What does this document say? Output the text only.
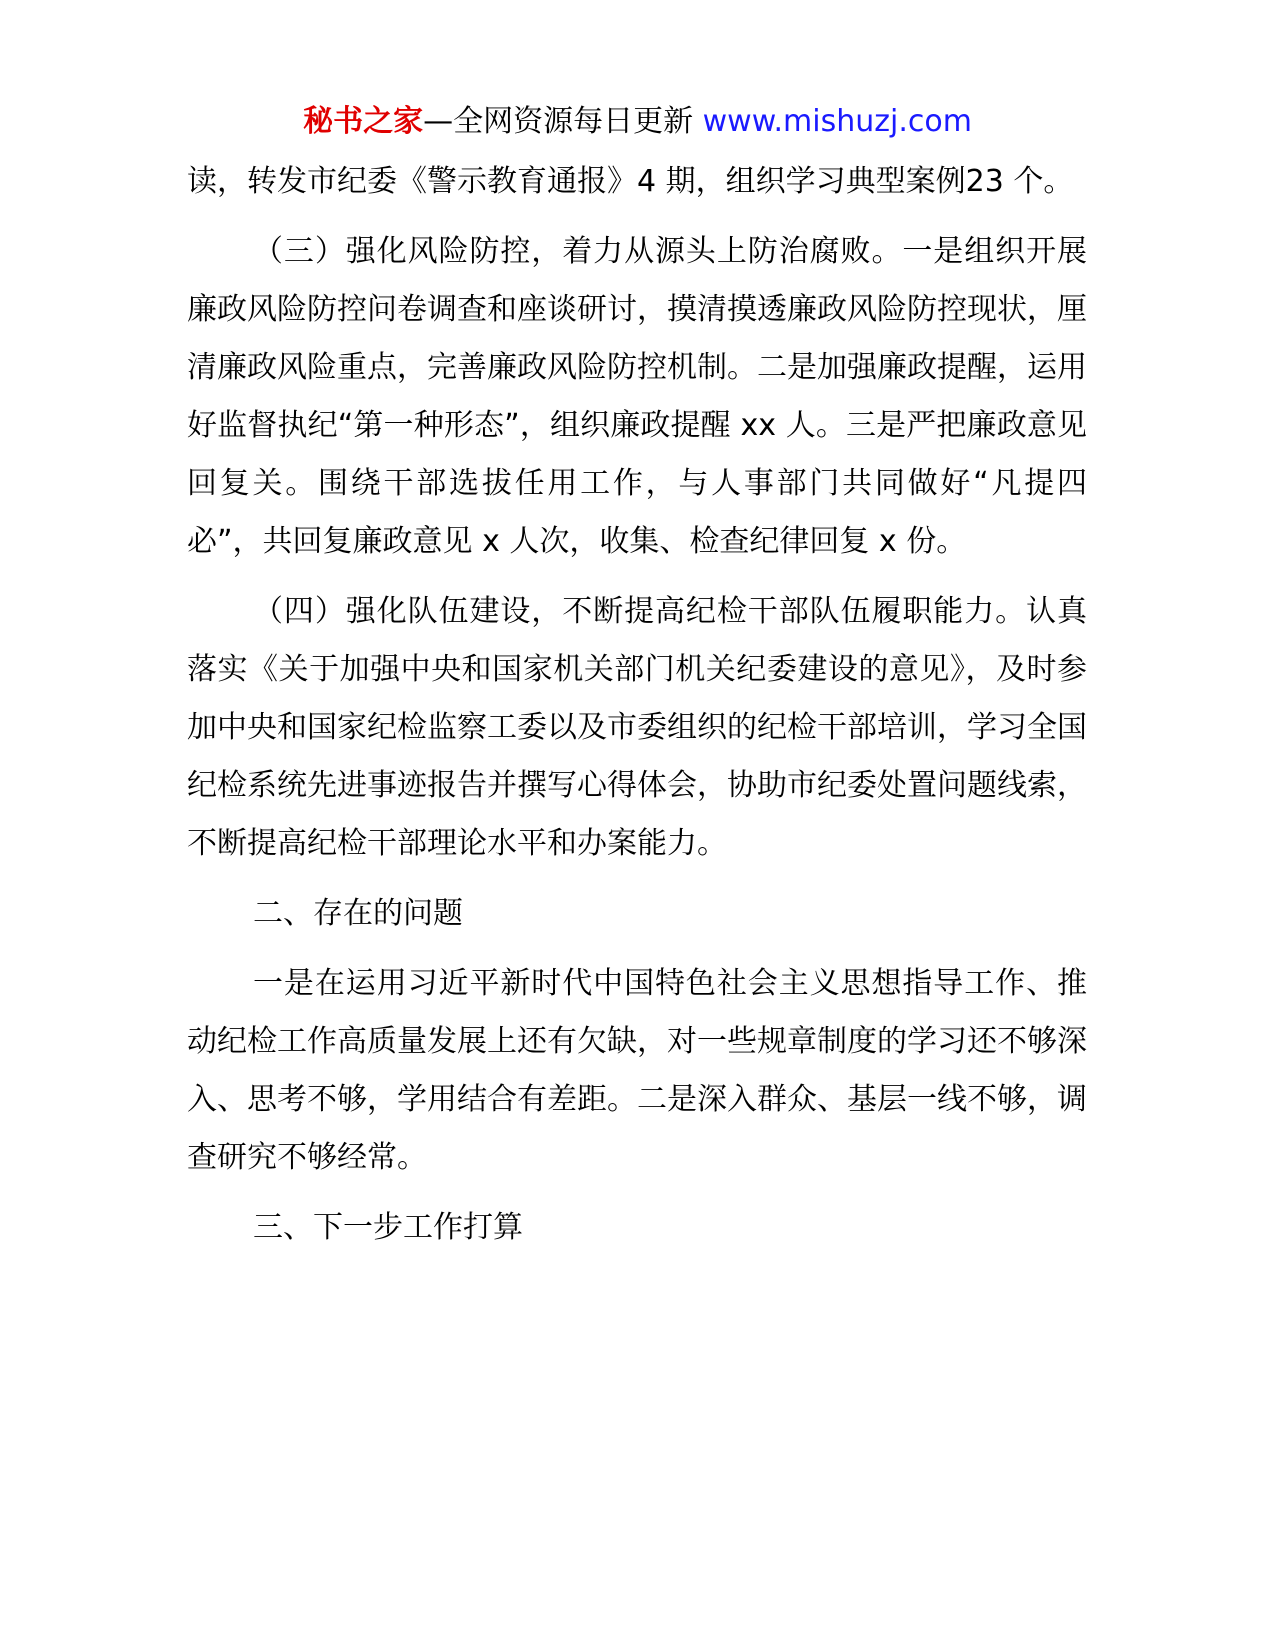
秘书之家—全网资源每日更新 www.mishuzj.com

读，转发市纪委《警示教育通报》4 期，组织学习典型案例23 个。

（三）强化风险防控，着力从源头上防治腐败。一是组织开展廉政风险防控问卷调查和座谈研讨，摸清摸透廉政风险防控现状，厘清廉政风险重点，完善廉政风险防控机制。二是加强廉政提醒，运用好监督执纪“第一种形态”，组织廉政提醒 xx 人。三是严把廉政意见回复关。围绕干部选拔任用工作，与人事部门共同做好“凡提四必”，共回复廉政意见 x 人次，收集、检查纪律回复 x 份。

（四）强化队伍建设，不断提高纪检干部队伍履职能力。认真落实《关于加强中央和国家机关部门机关纪委建设的意见》，及时参加中央和国家纪检监察工委以及市委组织的纪检干部培训，学习全国纪检系统先进事迹报告并撰写心得体会，协助市纪委处置问题线索，不断提高纪检干部理论水平和办案能力。

二、存在的问题

一是在运用习近平新时代中国特色社会主义思想指导工作、推动纪检工作高质量发展上还有欠缺，对一些规章制度的学习还不够深入、思考不够，学用结合有差距。二是深入群众、基层一线不够，调查研究不够经常。

三、下一步工作打算
